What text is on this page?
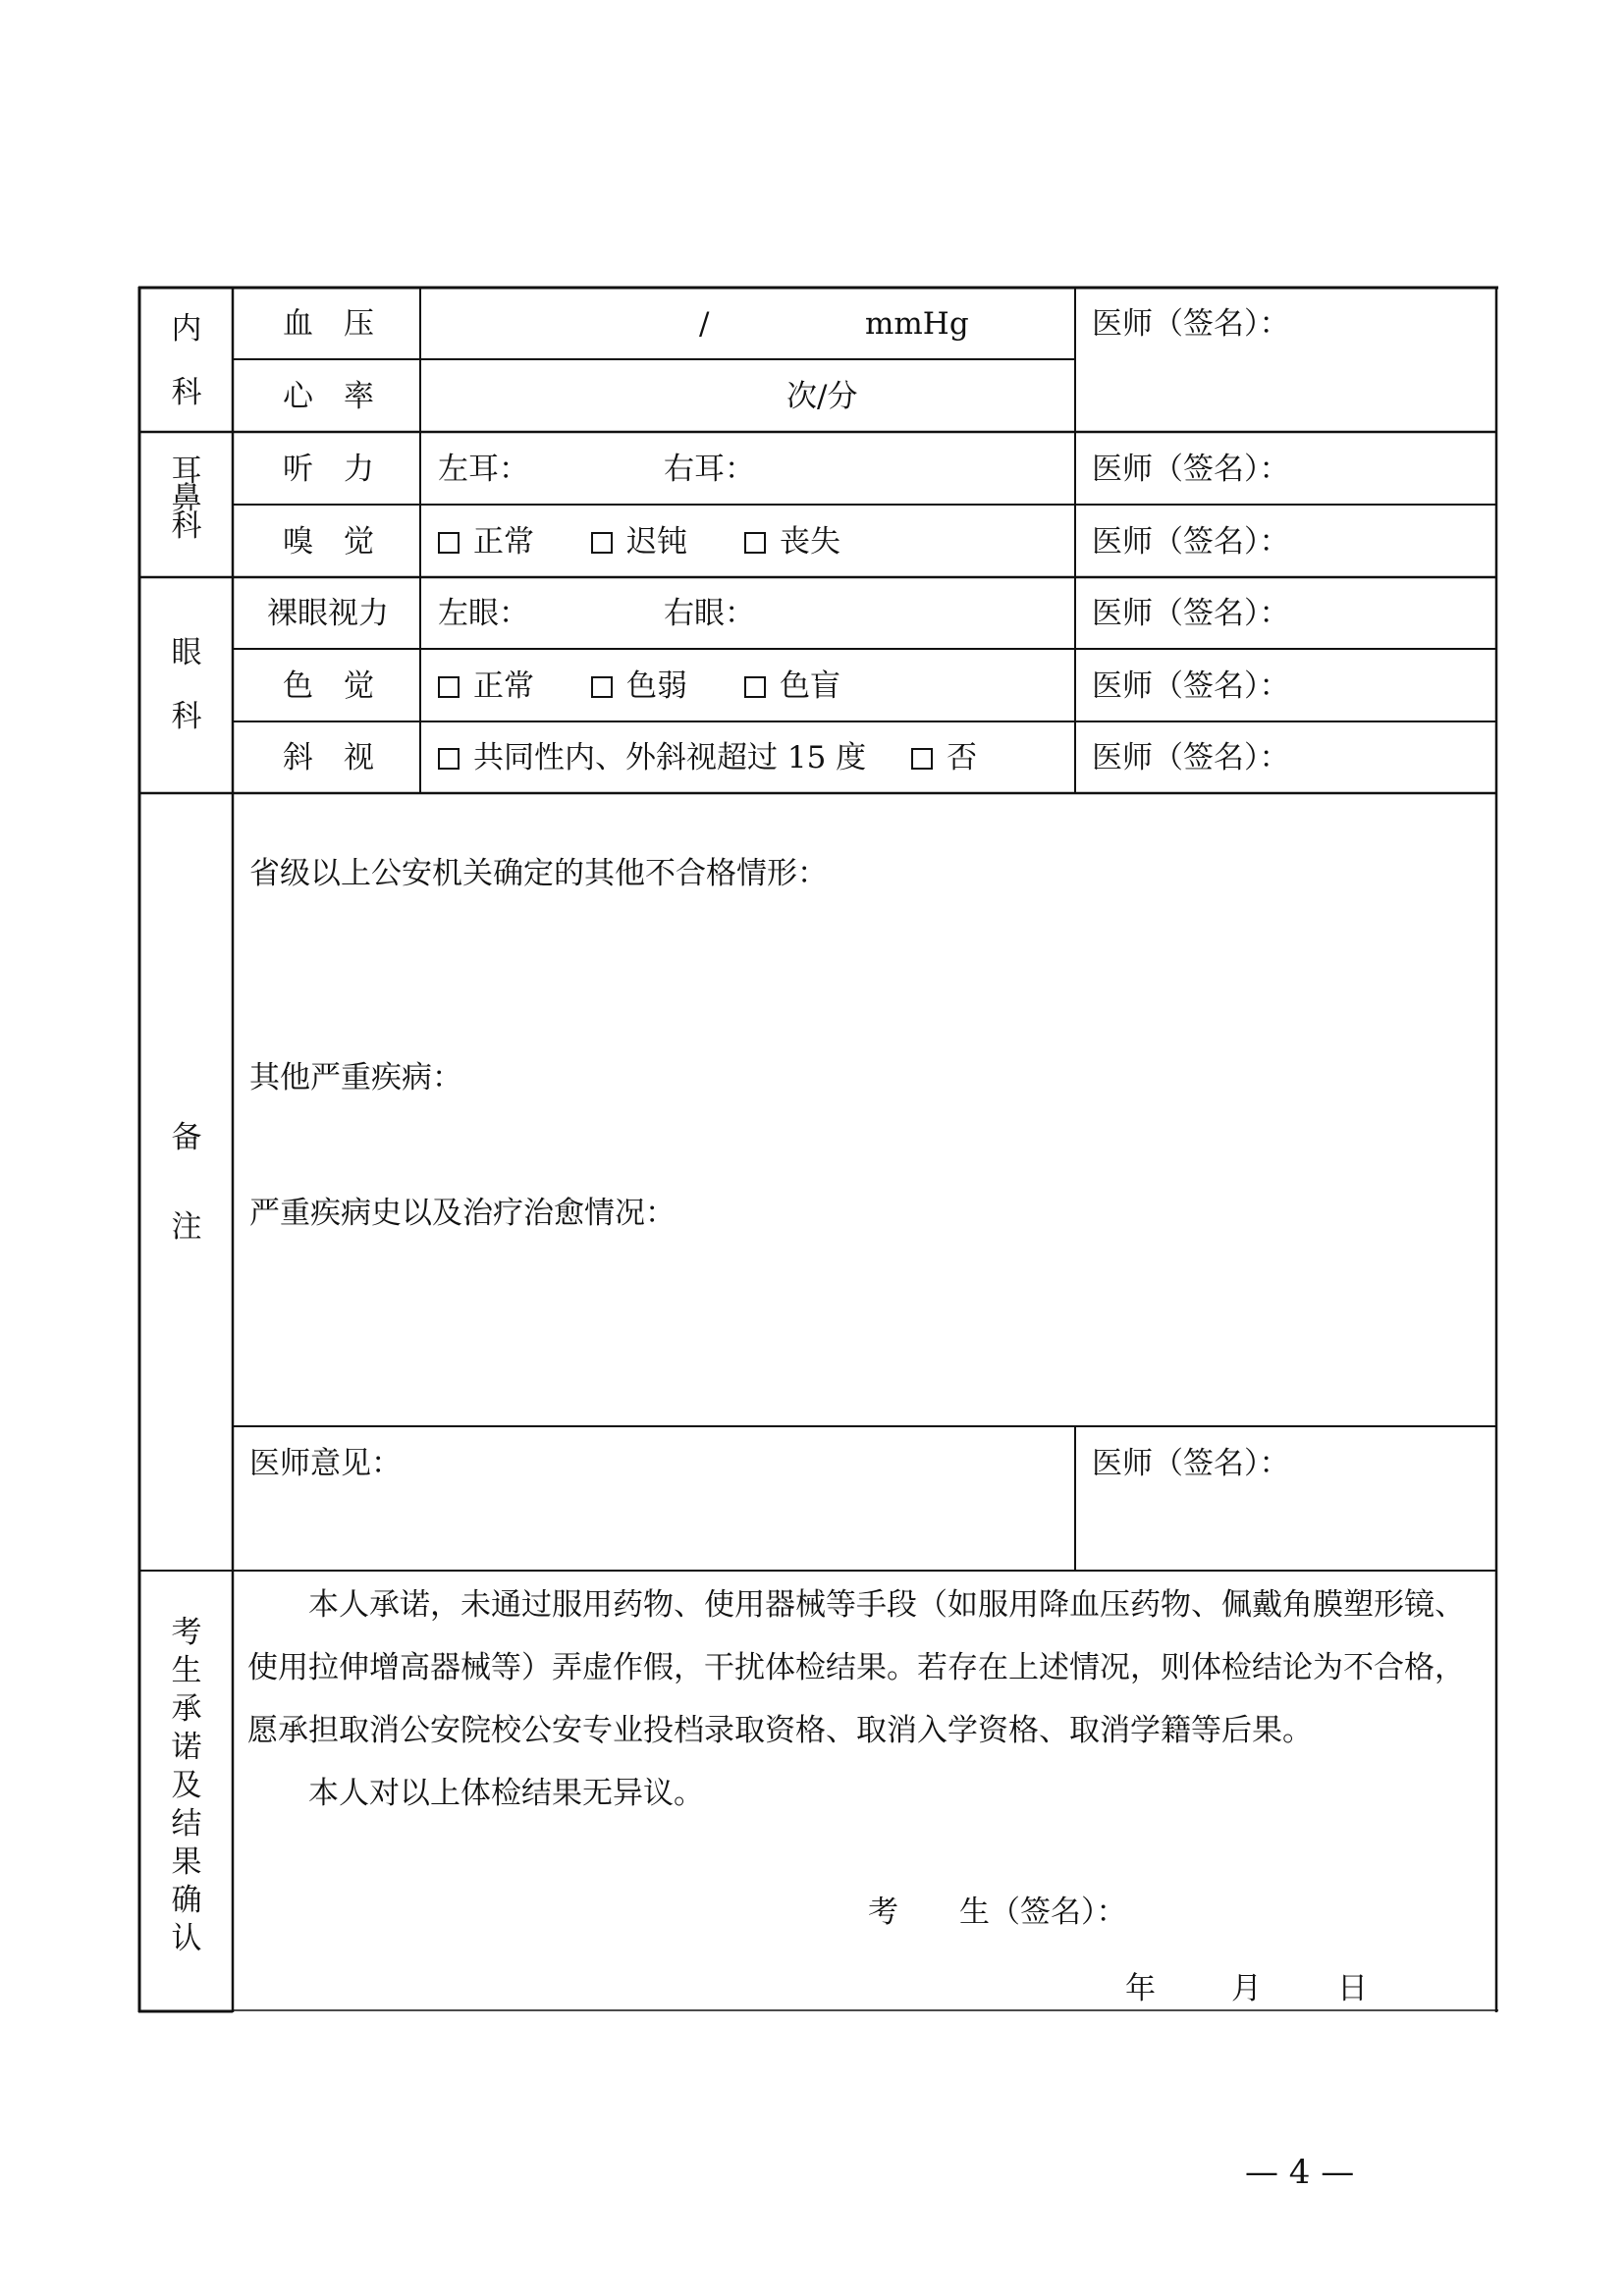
内
科
血　压	/	mmHg
心　率	次/分
医师（签名）：
耳
鼻
科
听　力 左耳：	右耳：	医师（签名）：
嗅　觉	正常	迟钝	丧失	医师（签名）：
眼
科
裸眼视力 左眼：	右眼：	医师（签名）：
色　觉	正常	色弱	色盲	医师（签名）：
斜　视	共同性内、外斜视超过 15 度	否	医师（签名）：
备
注
省级以上公安机关确定的其他不合格情形：
其他严重疾病：
严重疾病史以及治疗治愈情况：
医师意见：	医师（签名）：
考
生
承
诺
及
结
果
确
认

本人承诺，未通过服用药物、使用器械等手段（如服用降血压药物、佩戴角膜塑形镜、使用拉伸增高器械等）弄虚作假，干扰体检结果。若存在上述情况，则体检结论为不合格，愿承担取消公安院校公安专业投档录取资格、取消入学资格、取消学籍等后果。

本人对以上体检结果无异议。

考　　生（签名）：
年 月 日
— 4 —
